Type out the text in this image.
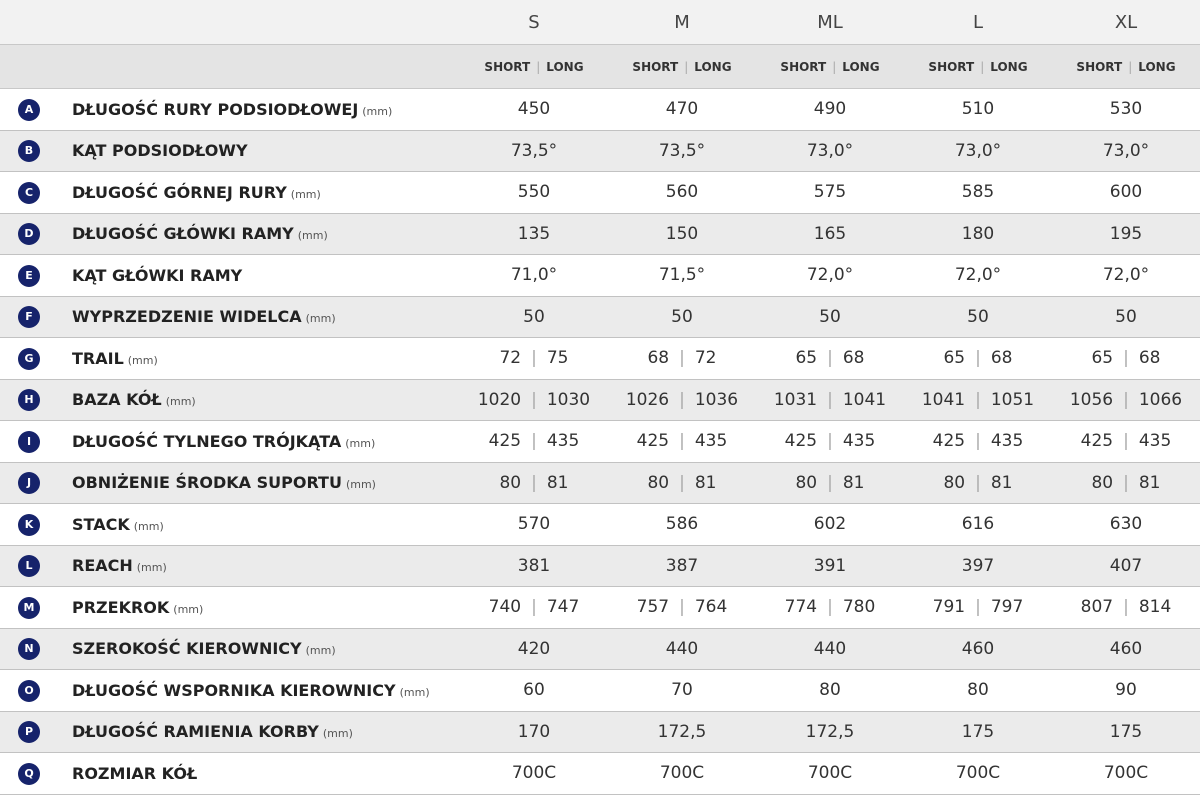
		S	M	ML	L	XL
		SHORT | LONG	SHORT | LONG	SHORT | LONG	SHORT | LONG	SHORT | LONG
A	DŁUGOŚĆ RURY PODSIODŁOWEJ (mm)	450	470	490	510	530
B	KĄT PODSIODŁOWY	73,5°	73,5°	73,0°	73,0°	73,0°
C	DŁUGOŚĆ GÓRNEJ RURY (mm)	550	560	575	585	600
D	DŁUGOŚĆ GŁÓWKI RAMY (mm)	135	150	165	180	195
E	KĄT GŁÓWKI RAMY	71,0°	71,5°	72,0°	72,0°	72,0°
F	WYPRZEDZENIE WIDELCA (mm)	50	50	50	50	50
G	TRAIL (mm)	72 | 75	68 | 72	65 | 68	65 | 68	65 | 68
H	BAZA KÓŁ (mm)	1020 | 1030	1026 | 1036	1031 | 1041	1041 | 1051	1056 | 1066
I	DŁUGOŚĆ TYLNEGO TRÓJKĄTA (mm)	425 | 435	425 | 435	425 | 435	425 | 435	425 | 435
J	OBNIŻENIE ŚRODKA SUPORTU (mm)	80 | 81	80 | 81	80 | 81	80 | 81	80 | 81
K	STACK (mm)	570	586	602	616	630
L	REACH (mm)	381	387	391	397	407
M	PRZEKROK (mm)	740 | 747	757 | 764	774 | 780	791 | 797	807 | 814
N	SZEROKOŚĆ KIEROWNICY (mm)	420	440	440	460	460
O	DŁUGOŚĆ WSPORNIKA KIEROWNICY (mm)	60	70	80	80	90
P	DŁUGOŚĆ RAMIENIA KORBY (mm)	170	172,5	172,5	175	175
Q	ROZMIAR KÓŁ	700C	700C	700C	700C	700C
